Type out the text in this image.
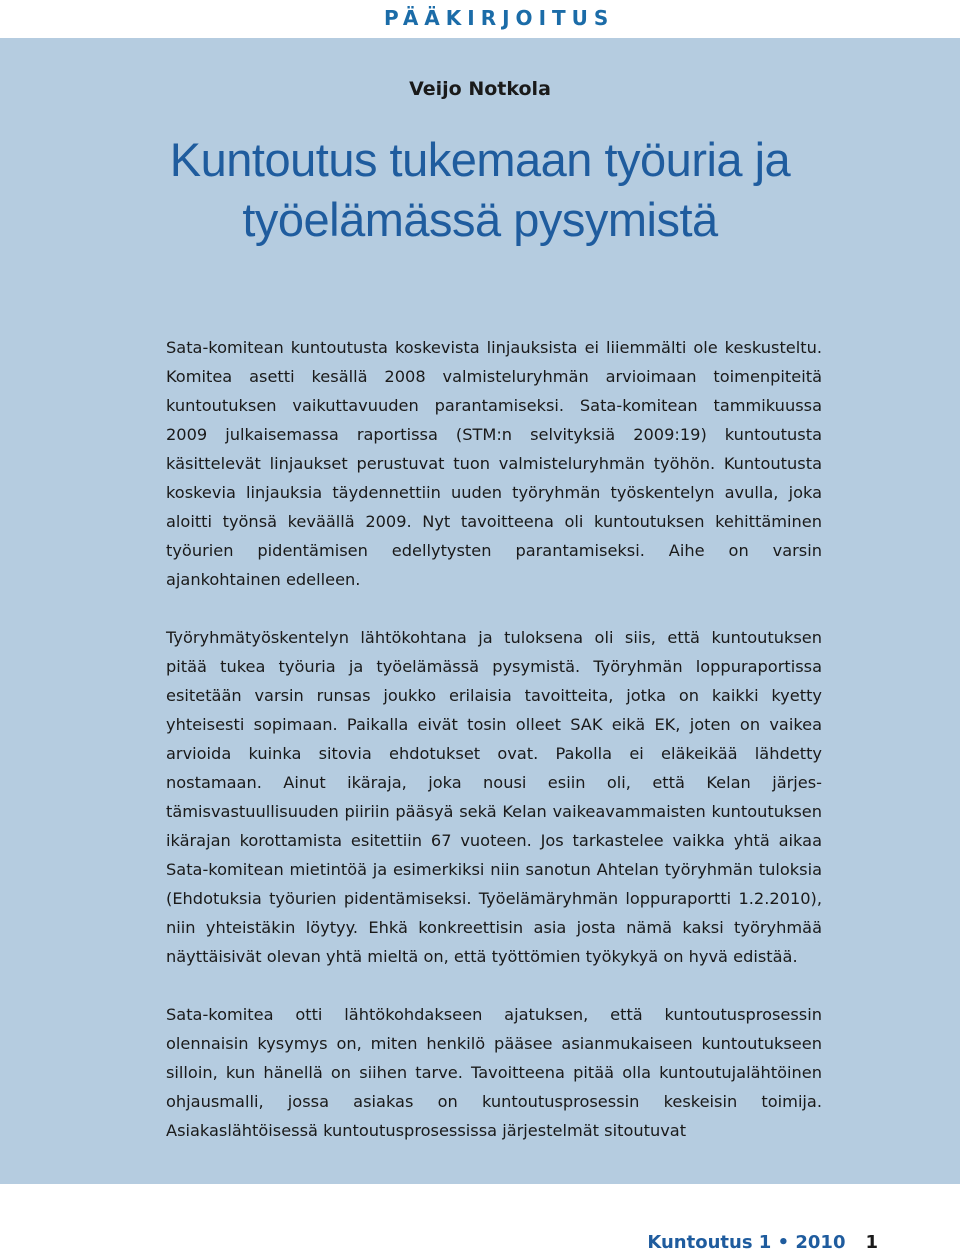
PÄÄKIRJOITUS
Veijo Notkola
Kuntoutus tukemaan työuria ja
työelämässä pysymistä

Sata-komitean kuntoutusta koskevista linjauksista ei liiemmälti ole keskusteltu. Komitea asetti kesällä 2008 valmisteluryhmän arvioimaan toimenpiteitä kuntoutuksen vaikuttavuuden parantamiseksi. Sata-komitean tammikuussa 2009 julkaisemassa raportissa (STM:n selvityksiä 2009:19) kuntoutusta käsittelevät linjaukset perustuvat tuon valmisteluryhmän työhön. Kuntoutusta koskevia linjauksia täydennettiin uuden työryhmän työskentelyn avulla, joka aloitti työnsä keväällä 2009. Nyt tavoitteena oli kuntoutuksen kehittäminen työurien pidentämisen edellytysten parantamiseksi. Aihe on varsin ajankohtainen edelleen.

Työryhmätyöskentelyn lähtökohtana ja tuloksena oli siis, että kuntoutuksen pitää tukea työuria ja työelämässä pysymistä. Työryhmän loppuraportissa esitetään varsin runsas joukko erilaisia tavoitteita, jotka on kaikki kyetty yhteisesti sopimaan. Paikalla eivät tosin olleet SAK eikä EK, joten on vaikea arvioida kuinka sitovia ehdotukset ovat. Pakolla ei eläkeikää lähdetty nostamaan. Ainut ikäraja, joka nousi esiin oli, että Kelan järjestämisvastuullisuuden piiriin pääsyä sekä Kelan vaikeavammaisten kuntoutuksen ikärajan korottamista esitettiin 67 vuoteen. Jos tarkastelee vaikka yhtä aikaa Sata-komitean mietintöä ja esimerkiksi niin sanotun Ahtelan työryhmän tuloksia (Ehdotuksia työurien pidentämiseksi. Työelämäryhmän loppuraportti 1.2.2010), niin yhteistäkin löytyy. Ehkä konkreettisin asia josta nämä kaksi työryhmää näyttäisivät olevan yhtä mieltä on, että työttömien työkykyä on hyvä edistää.

Sata-komitea otti lähtökohdakseen ajatuksen, että kuntoutusprosessin olennaisin kysymys on, miten henkilö pääsee asianmukaiseen kuntoutukseen silloin, kun hänellä on siihen tarve. Tavoitteena pitää olla kuntoutujalähtöinen ohjausmalli, jossa asiakas on kuntoutusprosessin keskeisin toimija. Asiakaslähtöisessä kuntoutusprosessissa järjestelmät sitoutuvat

Kuntoutus 1 • 2010 1
